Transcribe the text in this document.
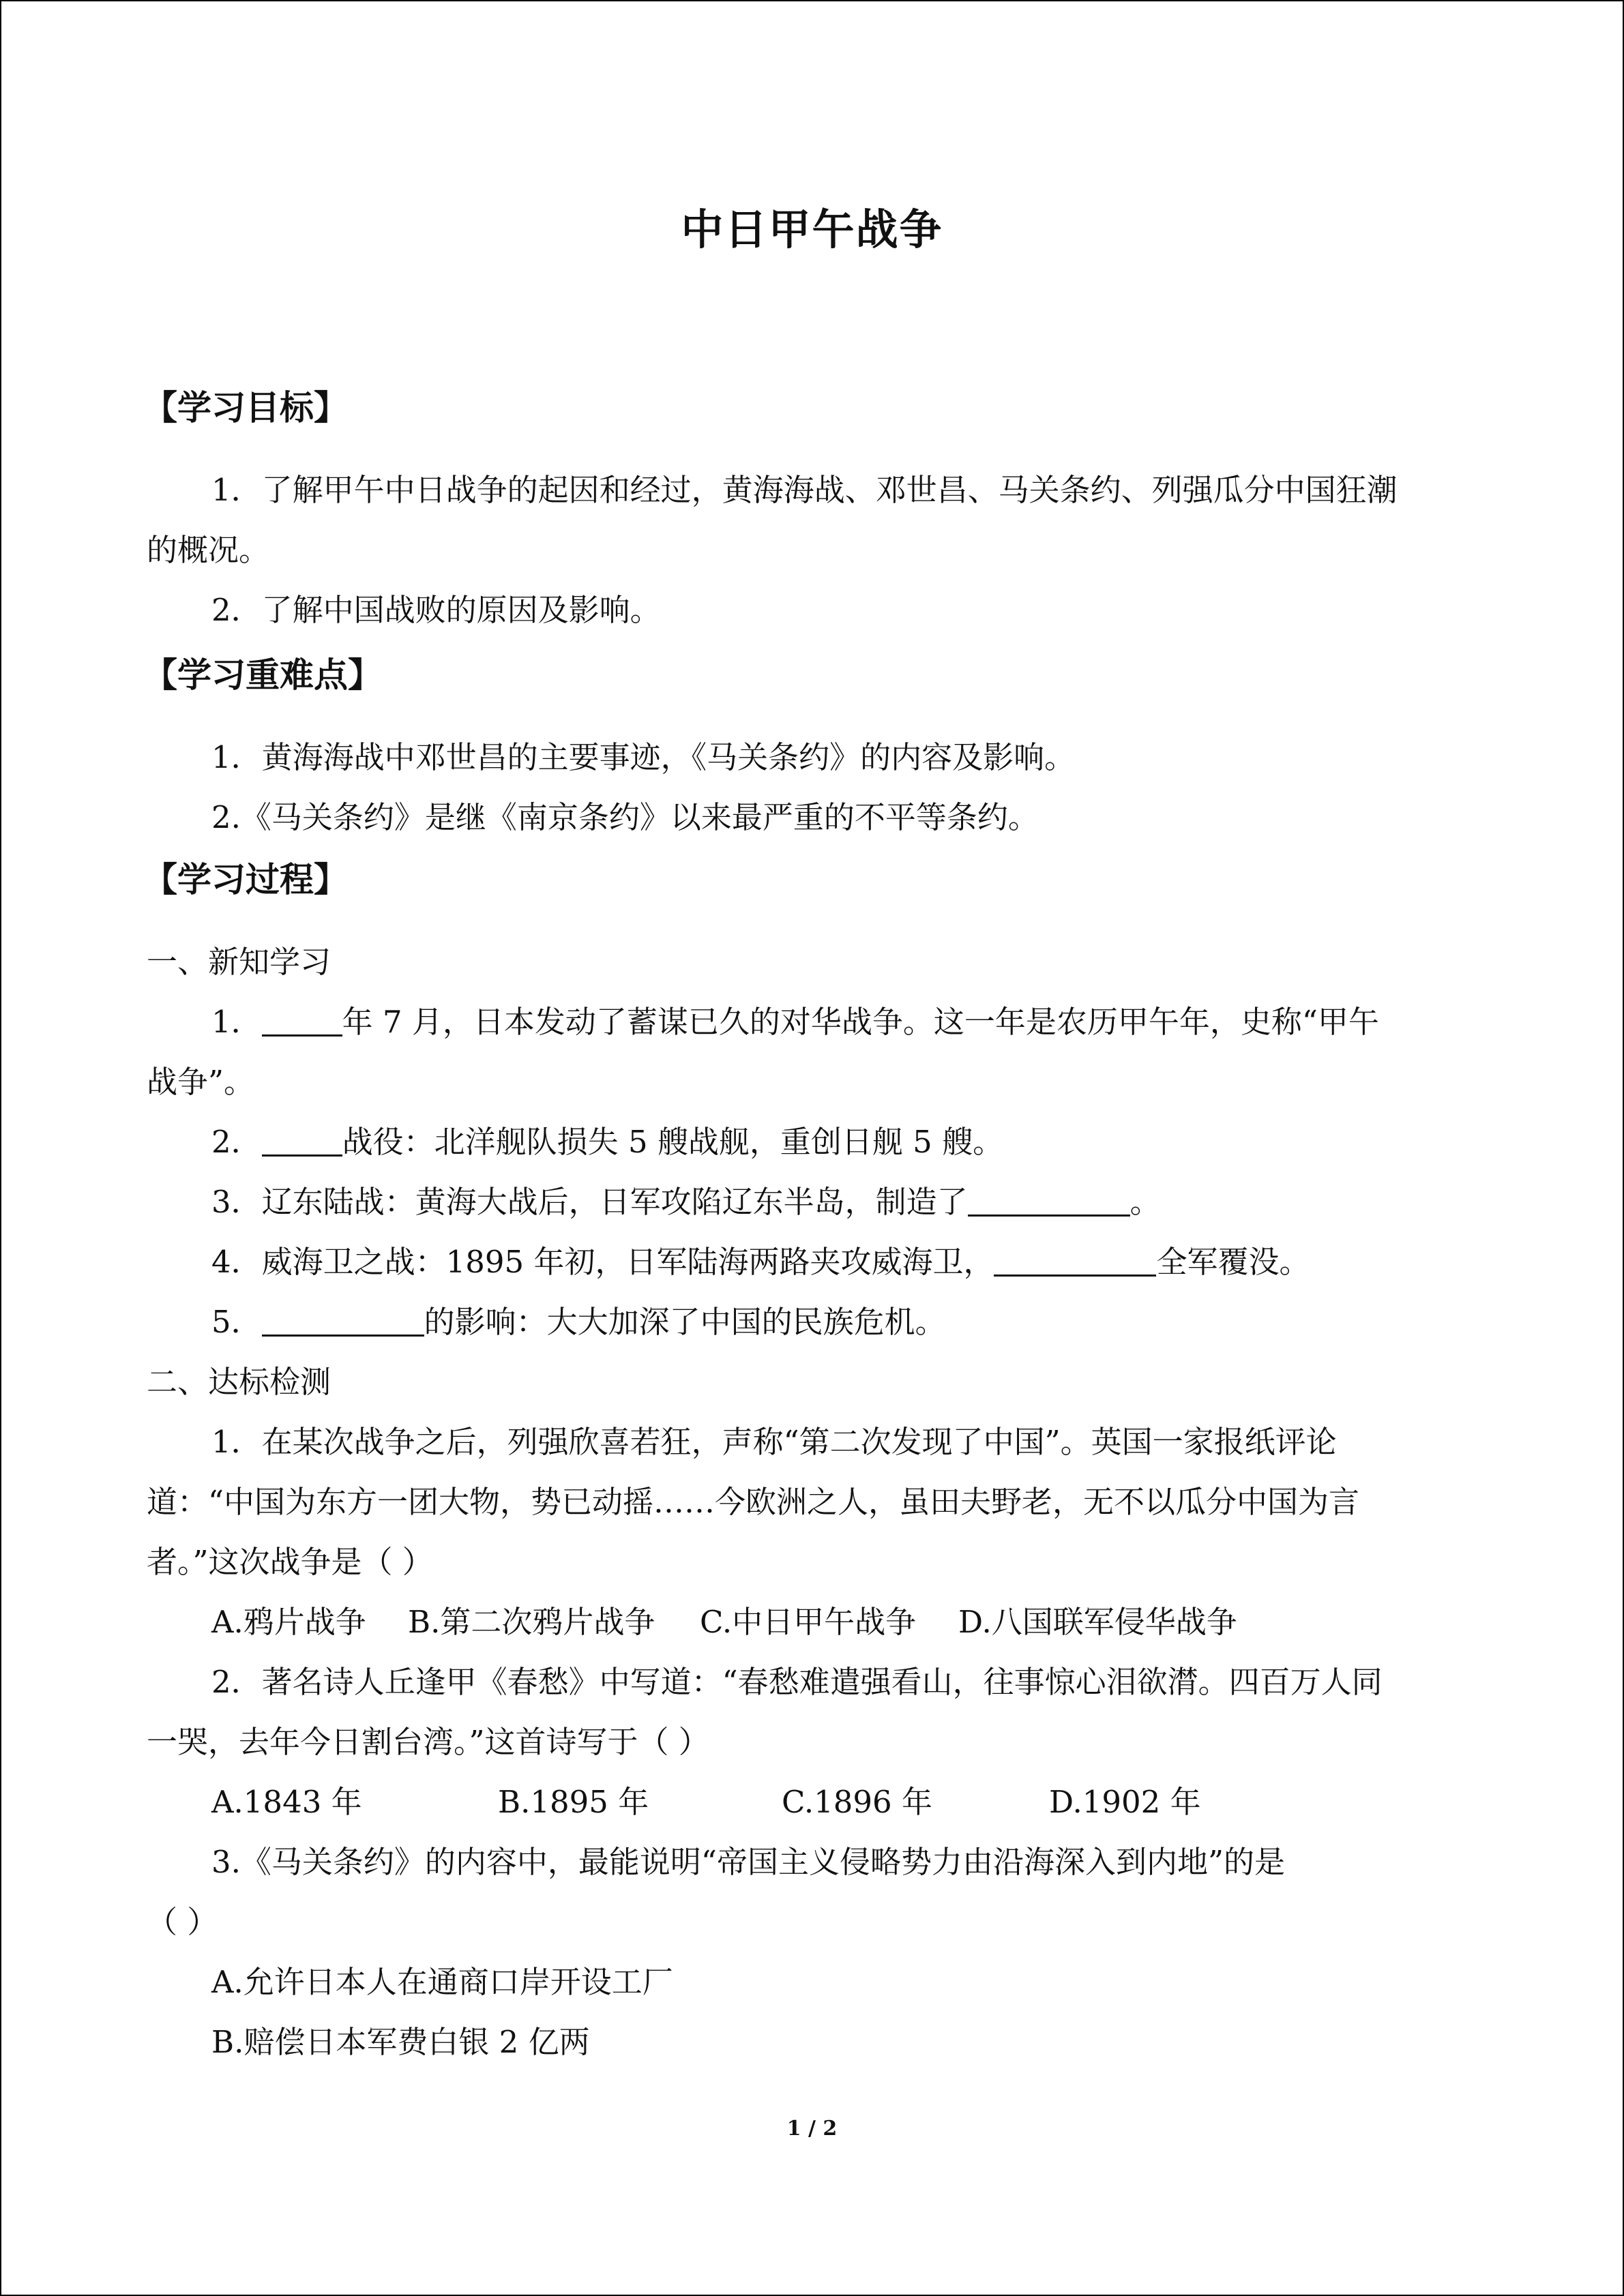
中日甲午战争
【学习目标】
1．了解甲午中日战争的起因和经过，黄海海战、邓世昌、马关条约、列强瓜分中国狂潮
的概况。
2．了解中国战败的原因及影响。
【学习重难点】
1．黄海海战中邓世昌的主要事迹，《马关条约》的内容及影响。
2.《马关条约》是继《南京条约》以来最严重的不平等条约。
【学习过程】
一、新知学习
1．	年 7 月，日本发动了蓄谋已久的对华战争。这一年是农历甲午年，史称“甲午
战争”。
2．	战役：北洋舰队损失 5 艘战舰，重创日舰 5 艘。
3．辽东陆战：黄海大战后，日军攻陷辽东半岛，制造了	。
4．威海卫之战：1895 年初，日军陆海两路夹攻威海卫，	全军覆没。
5．	的影响：大大加深了中国的民族危机。
二、达标检测
1．在某次战争之后，列强欣喜若狂，声称“第二次发现了中国”。英国一家报纸评论
道：“中国为东方一团大物，势已动摇……今欧洲之人，虽田夫野老，无不以瓜分中国为言
者。”这次战争是（ ）
A.鸦片战争 B.第二次鸦片战争 C.中日甲午战争 D.八国联军侵华战争
2．著名诗人丘逢甲《春愁》中写道：“春愁难遣强看山，往事惊心泪欲潸。四百万人同
一哭，去年今日割台湾。”这首诗写于（ ）
A.1843 年	B.1895 年	C.1896 年	D.1902 年
3.《马关条约》的内容中，最能说明“帝国主义侵略势力由沿海深入到内地”的是
（ ）
A.允许日本人在通商口岸开设工厂
B.赔偿日本军费白银 2 亿两
1 / 2
